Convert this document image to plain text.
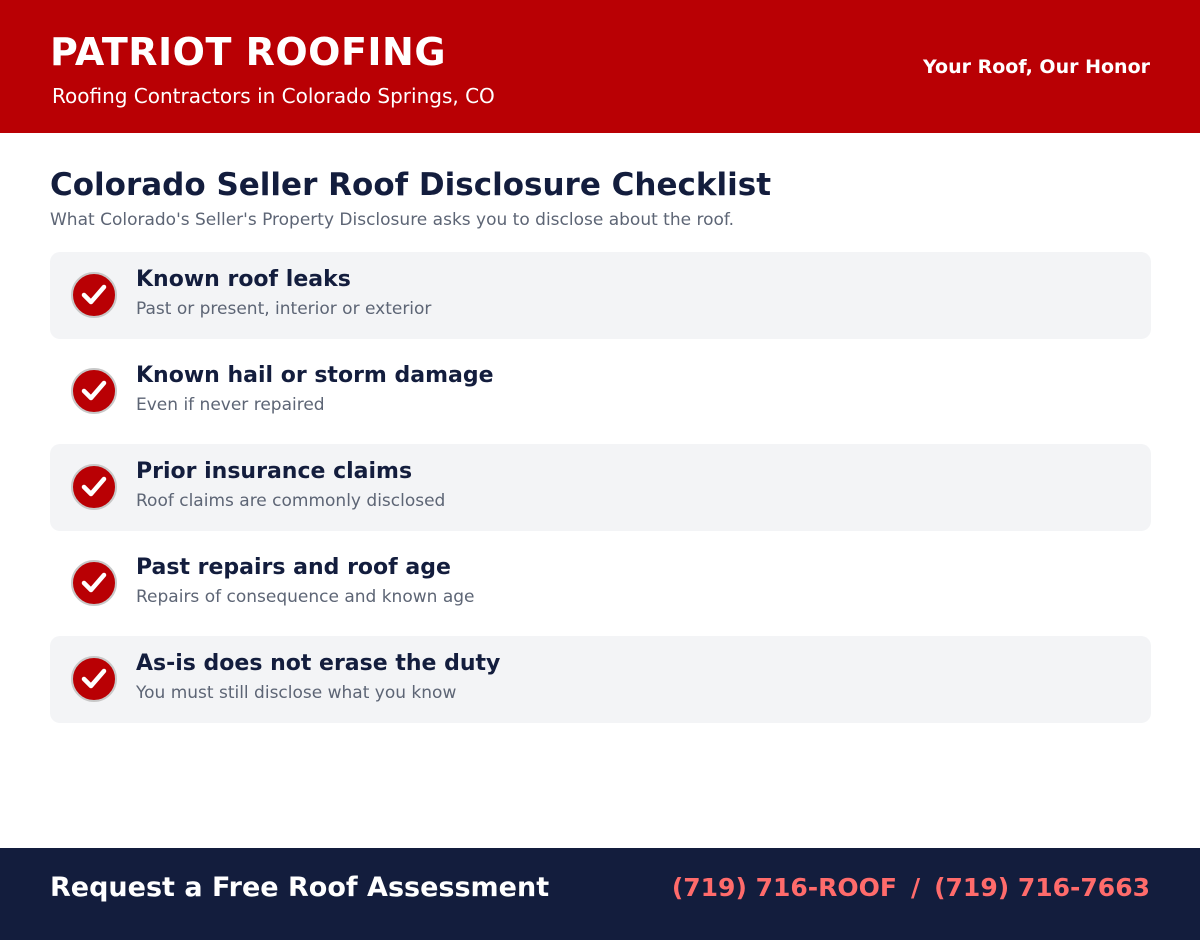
PATRIOT ROOFING
Roofing Contractors in Colorado Springs, CO
Your Roof, Our Honor
Colorado Seller Roof Disclosure Checklist

What Colorado's Seller's Property Disclosure asks you to disclose about the roof.

Known roof leaks
Past or present, interior or exterior
Known hail or storm damage
Even if never repaired
Prior insurance claims
Roof claims are commonly disclosed
Past repairs and roof age
Repairs of consequence and known age
As-is does not erase the duty
You must still disclose what you know
Request a Free Roof Assessment	(719) 716-ROOF / (719) 716-7663
